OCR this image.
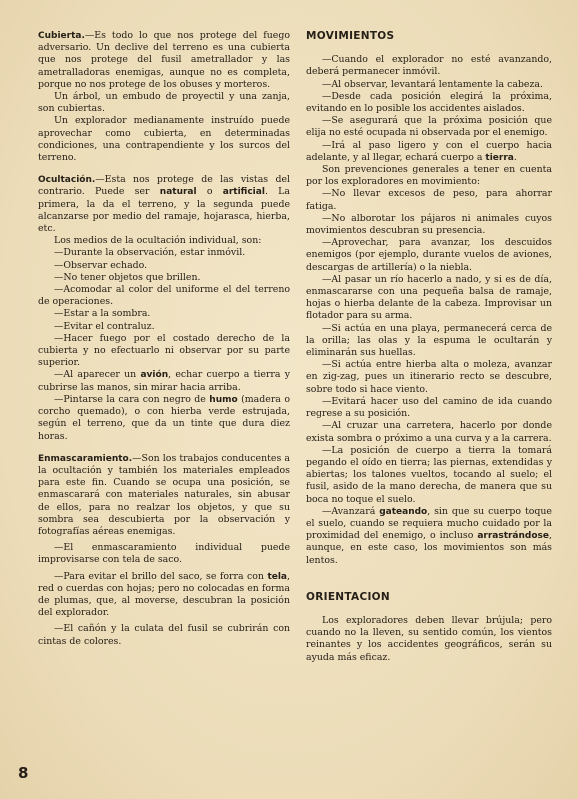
Cubierta.—Es todo lo que nos protege del fuego adversario. Un declive del terreno es una cubierta que nos protege del fusil ametrallador y las ametralladoras enemigas, aunque no es completa, porque no nos protege de los obuses y morteros.

Un árbol, un embudo de proyectil y una zanja, son cubiertas.

Un explorador medianamente instruído puede aprovechar como cubierta, en determinadas condiciones, una contrapendiente y los surcos del terreno.

Ocultación.—Esta nos protege de las vistas del contrario. Puede ser natural o artificial. La primera, la da el terreno, y la segunda puede alcanzarse por medio del ramaje, hojarasca, hierba, etc.

Los medios de la ocultación individual, son:

—Durante la observación, estar inmóvil.

—Observar echado.

—No tener objetos que brillen.

—Acomodar al color del uniforme el del terreno de operaciones.

—Estar a la sombra.

—Evitar el contraluz.

—Hacer fuego por el costado derecho de la cubierta y no efectuarlo ni observar por su parte superior.

—Al aparecer un avión, echar cuerpo a tierra y cubrirse las manos, sin mirar hacia arriba.

—Pintarse la cara con negro de humo (madera o corcho quemado), o con hierba verde estrujada, según el terreno, que da un tinte que dura diez horas.

Enmascaramiento.—Son los trabajos conducentes a la ocultación y también los materiales empleados para este fin. Cuando se ocupa una posición, se enmascarará con materiales naturales, sin abusar de ellos, para no realzar los objetos, y que su sombra sea descubierta por la observación y fotografías aéreas enemigas.

—El enmascaramiento individual puede improvisarse con tela de saco.

—Para evitar el brillo del saco, se forra con tela, red o cuerdas con hojas; pero no colocadas en forma de plumas, que, al moverse, descubran la posición del explorador.

—El cañón y la culata del fusil se cubrirán con cintas de colores.

MOVIMIENTOS

—Cuando el explorador no esté avanzando, deberá permanecer inmóvil.

—Al observar, levantará lentamente la cabeza.

—Desde cada posición elegirá la próxima, evitando en lo posible los accidentes aislados.

—Se asegurará que la próxima posición que elija no esté ocupada ni observada por el enemigo.

—Irá al paso ligero y con el cuerpo hacia adelante, y al llegar, echará cuerpo a tierra.

Son prevenciones generales a tener en cuenta por los exploradores en movimiento:

—No llevar excesos de peso, para ahorrar fatiga.

—No alborotar los pájaros ni animales cuyos movimientos descubran su presencia.

—Aprovechar, para avanzar, los descuidos enemigos (por ejemplo, durante vuelos de aviones, descargas de artillería) o la niebla.

—Al pasar un río hacerlo a nado, y si es de día, enmascararse con una pequeña balsa de ramaje, hojas o hierba delante de la cabeza. Improvisar un flotador para su arma.

—Si actúa en una playa, permanecerá cerca de la orilla; las olas y la espuma le ocultarán y eliminarán sus huellas.

—Si actúa entre hierba alta o moleza, avanzar en zig-zag, pues un itinerario recto se descubre, sobre todo si hace viento.

—Evitará hacer uso del camino de ida cuando regrese a su posición.

—Al cruzar una carretera, hacerlo por donde exista sombra o próximo a una curva y a la carrera.

—La posición de cuerpo a tierra la tomará pegando el oído en tierra; las piernas, extendidas y abiertas; los talones vueltos, tocando al suelo; el fusil, asido de la mano derecha, de manera que su boca no toque el suelo.

—Avanzará gateando, sin que su cuerpo toque el suelo, cuando se requiera mucho cuidado por la proximidad del enemigo, o incluso arrastrándose, aunque, en este caso, los movimientos son más lentos.

ORIENTACION

Los exploradores deben llevar brújula; pero cuando no la lleven, su sentido común, los vientos reinantes y los accidentes geográficos, serán su ayuda más eficaz.

8
